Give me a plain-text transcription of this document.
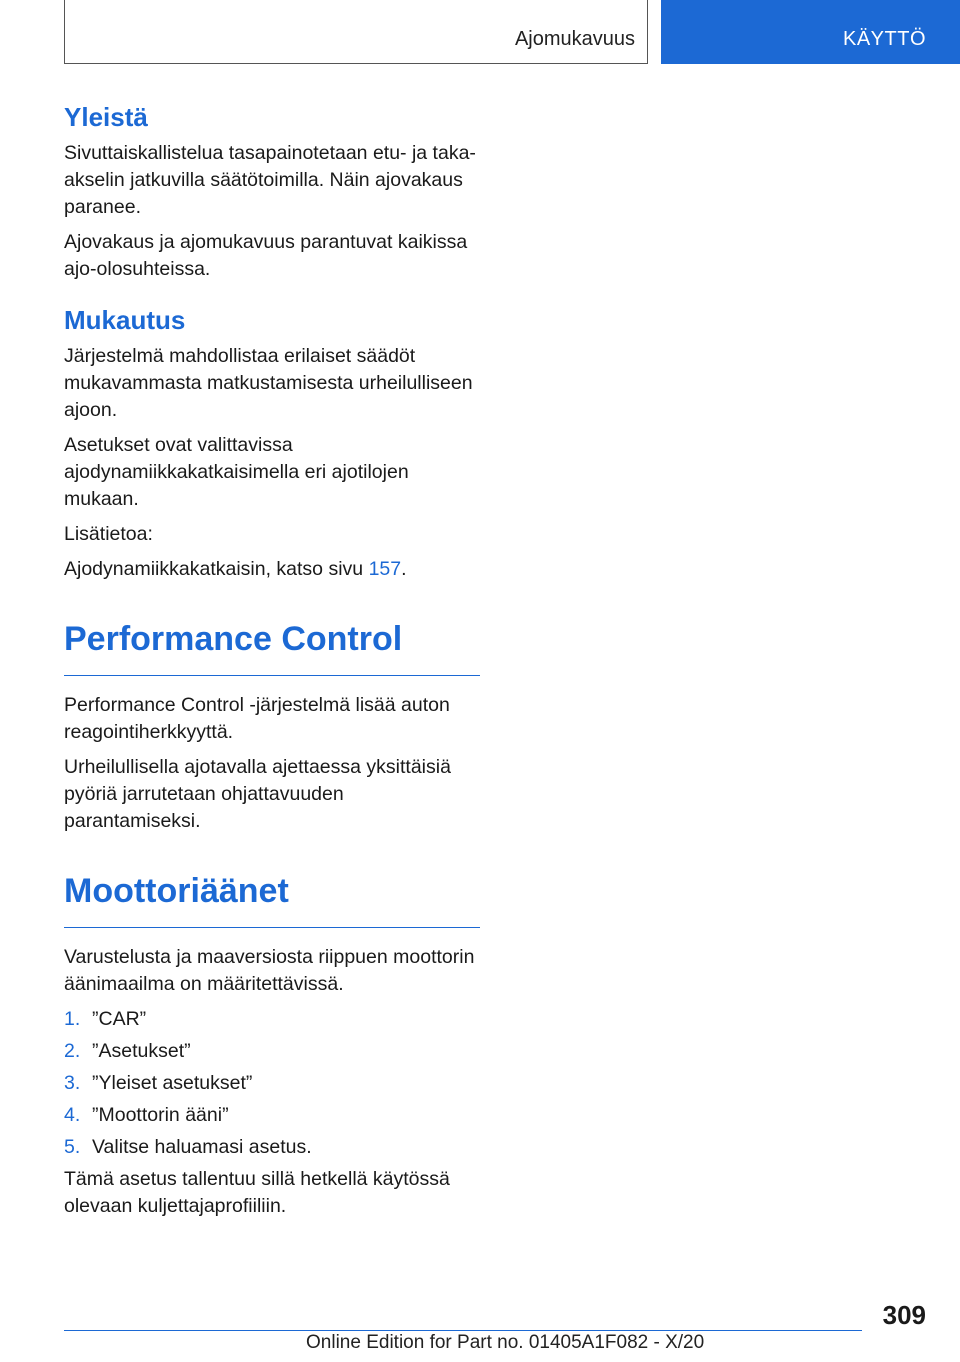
Ajomukavuus	KÄYTTÖ
Yleistä

Sivuttaiskallistelua tasapainotetaan etu- ja taka-akselin jatkuvilla säätötoimilla. Näin ajovakaus paranee.

Ajovakaus ja ajomukavuus parantuvat kaikissa ajo-olosuhteissa.

Mukautus

Järjestelmä mahdollistaa erilaiset säädöt mukavammasta matkustamisesta urheilulliseen ajoon.

Asetukset ovat valittavissa ajodynamiikkakatkaisimella eri ajotilojen mukaan.

Lisätietoa:

Ajodynamiikkakatkaisin, katso sivu 157.

Performance Control

Performance Control -järjestelmä lisää auton reagointiherkkyyttä.

Urheilullisella ajotavalla ajettaessa yksittäisiä pyöriä jarrutetaan ohjattavuuden parantamiseksi.

Moottoriäänet

Varustelusta ja maaversiosta riippuen moottorin äänimaailma on määritettävissä.

1. ”CAR”
2. ”Asetukset”
3. ”Yleiset asetukset”
4. ”Moottorin ääni”
5. Valitse haluamasi asetus.

Tämä asetus tallentuu sillä hetkellä käytössä olevaan kuljettajaprofiiliin.

309
Online Edition for Part no. 01405A1F082 - X/20
